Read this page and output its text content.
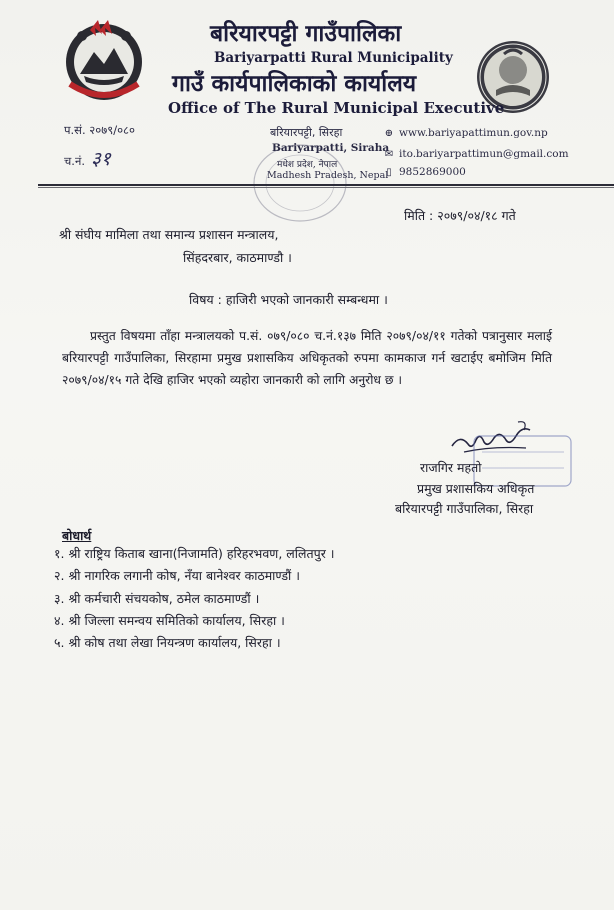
बरियारपट्टी गाउँपालिका
Bariyarpatti Rural Municipality
गाउँ कार्यपालिकाको कार्यालय
Office of The Rural Municipal Executive
प.सं. २०७९/०८०
च.नं. ३१
बरियारपट्टी, सिरहा
Bariyarpatti, Siraha
मधेश प्रदेश, नेपाल
Madhesh Pradesh, Nepal
⊕ www.bariyapattimun.gov.np
✉ ito.bariyarpattimun@gmail.com
▯ 9852869000
मिति : २०७९/०४/१८ गते
श्री संघीय मामिला तथा समान्य प्रशासन मन्त्रालय,
सिंहदरबार, काठमाण्डौ ।
विषय : हाजिरी भएको जानकारी सम्बन्धमा ।
प्रस्तुत विषयमा ताँहा मन्त्रालयको प.सं. ०७९/०८० च.नं.१३७ मिति २०७९/०४/११ गतेको पत्रानुसार मलाई बरियारपट्टी गाउँपालिका, सिरहामा प्रमुख प्रशासकिय अधिकृतको रुपमा कामकाज गर्न खटाईए बमोजिम मिति २०७९/०४/१५ गते देखि हाजिर भएको व्यहोरा जानकारी को लागि अनुरोध छ ।
राजगिर महतो
प्रमुख प्रशासकिय अधिकृत
बरियारपट्टी गाउँपालिका, सिरहा
बोधार्थ
१. श्री राष्ट्रिय किताब खाना(निजामति) हरिहरभवण, ललितपुर ।
२. श्री नागरिक लगानी कोष, नँया बानेश्वर काठमाण्डौं ।
३. श्री कर्मचारी संचयकोष, ठमेल काठमाण्डौं ।
४. श्री जिल्ला समन्वय समितिको कार्यालय, सिरहा ।
५. श्री कोष तथा लेखा नियन्त्रण कार्यालय, सिरहा ।
